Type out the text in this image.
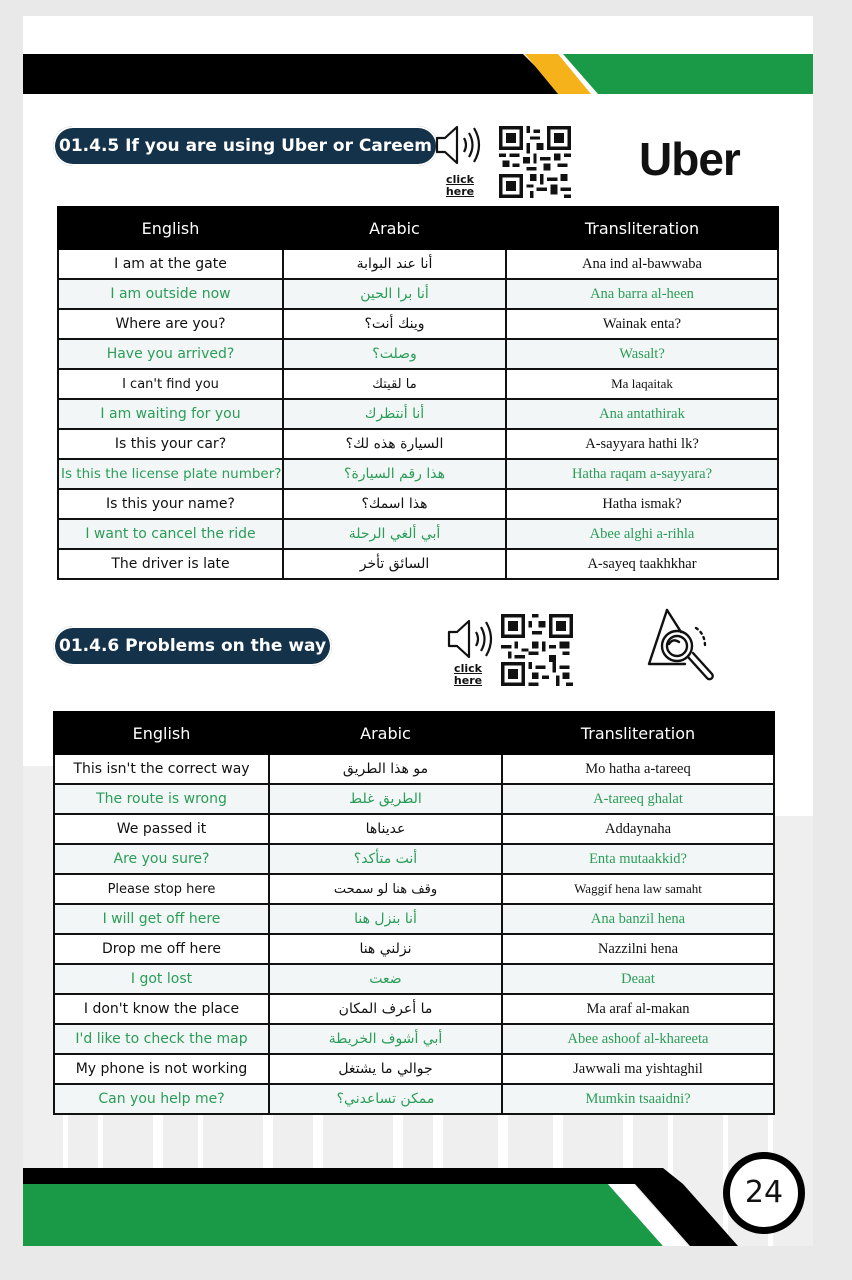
Speak-Arabi.com
01.4.5 If you are using Uber or Careem
click
here
Uber
English	Arabic	Transliteration
I am at the gate	أنا عند البوابة	Ana ind al-bawwaba
I am outside now	أنا برا الحين	Ana barra al-heen
Where are you?	وينك أنت؟	Wainak enta?
Have you arrived?	وصلت؟	Wasalt?
I can't find you	ما لقيتك	Ma laqaitak
I am waiting for you	أنا أنتظرك	Ana antathirak
Is this your car?	السيارة هذه لك؟	A-sayyara hathi lk?
Is this the license plate number?	هذا رقم السيارة؟	Hatha raqam a-sayyara?
Is this your name?	هذا اسمك؟	Hatha ismak?
I want to cancel the ride	أبي ألغي الرحلة	Abee alghi a-rihla
The driver is late	السائق تأخر	A-sayeq taakhkhar
01.4.6 Problems on the way
click
here
English	Arabic	Transliteration
This isn't the correct way	مو هذا الطريق	Mo hatha a-tareeq
The route is wrong	الطريق غلط	A-tareeq ghalat
We passed it	عديناها	Addaynaha
Are you sure?	أنت متأكد؟	Enta mutaakkid?
Please stop here	وقف هنا لو سمحت	Waggif hena law samaht
I will get off here	أنا بنزل هنا	Ana banzil hena
Drop me off here	نزلني هنا	Nazzilni hena
I got lost	ضعت	Deaat
I don't know the place	ما أعرف المكان	Ma araf al-makan
I'd like to check the map	أبي أشوف الخريطة	Abee ashoof al-khareeta
My phone is not working	جوالي ما يشتغل	Jawwali ma yishtaghil
Can you help me?	ممكن تساعدني؟	Mumkin tsaaidni?
24
